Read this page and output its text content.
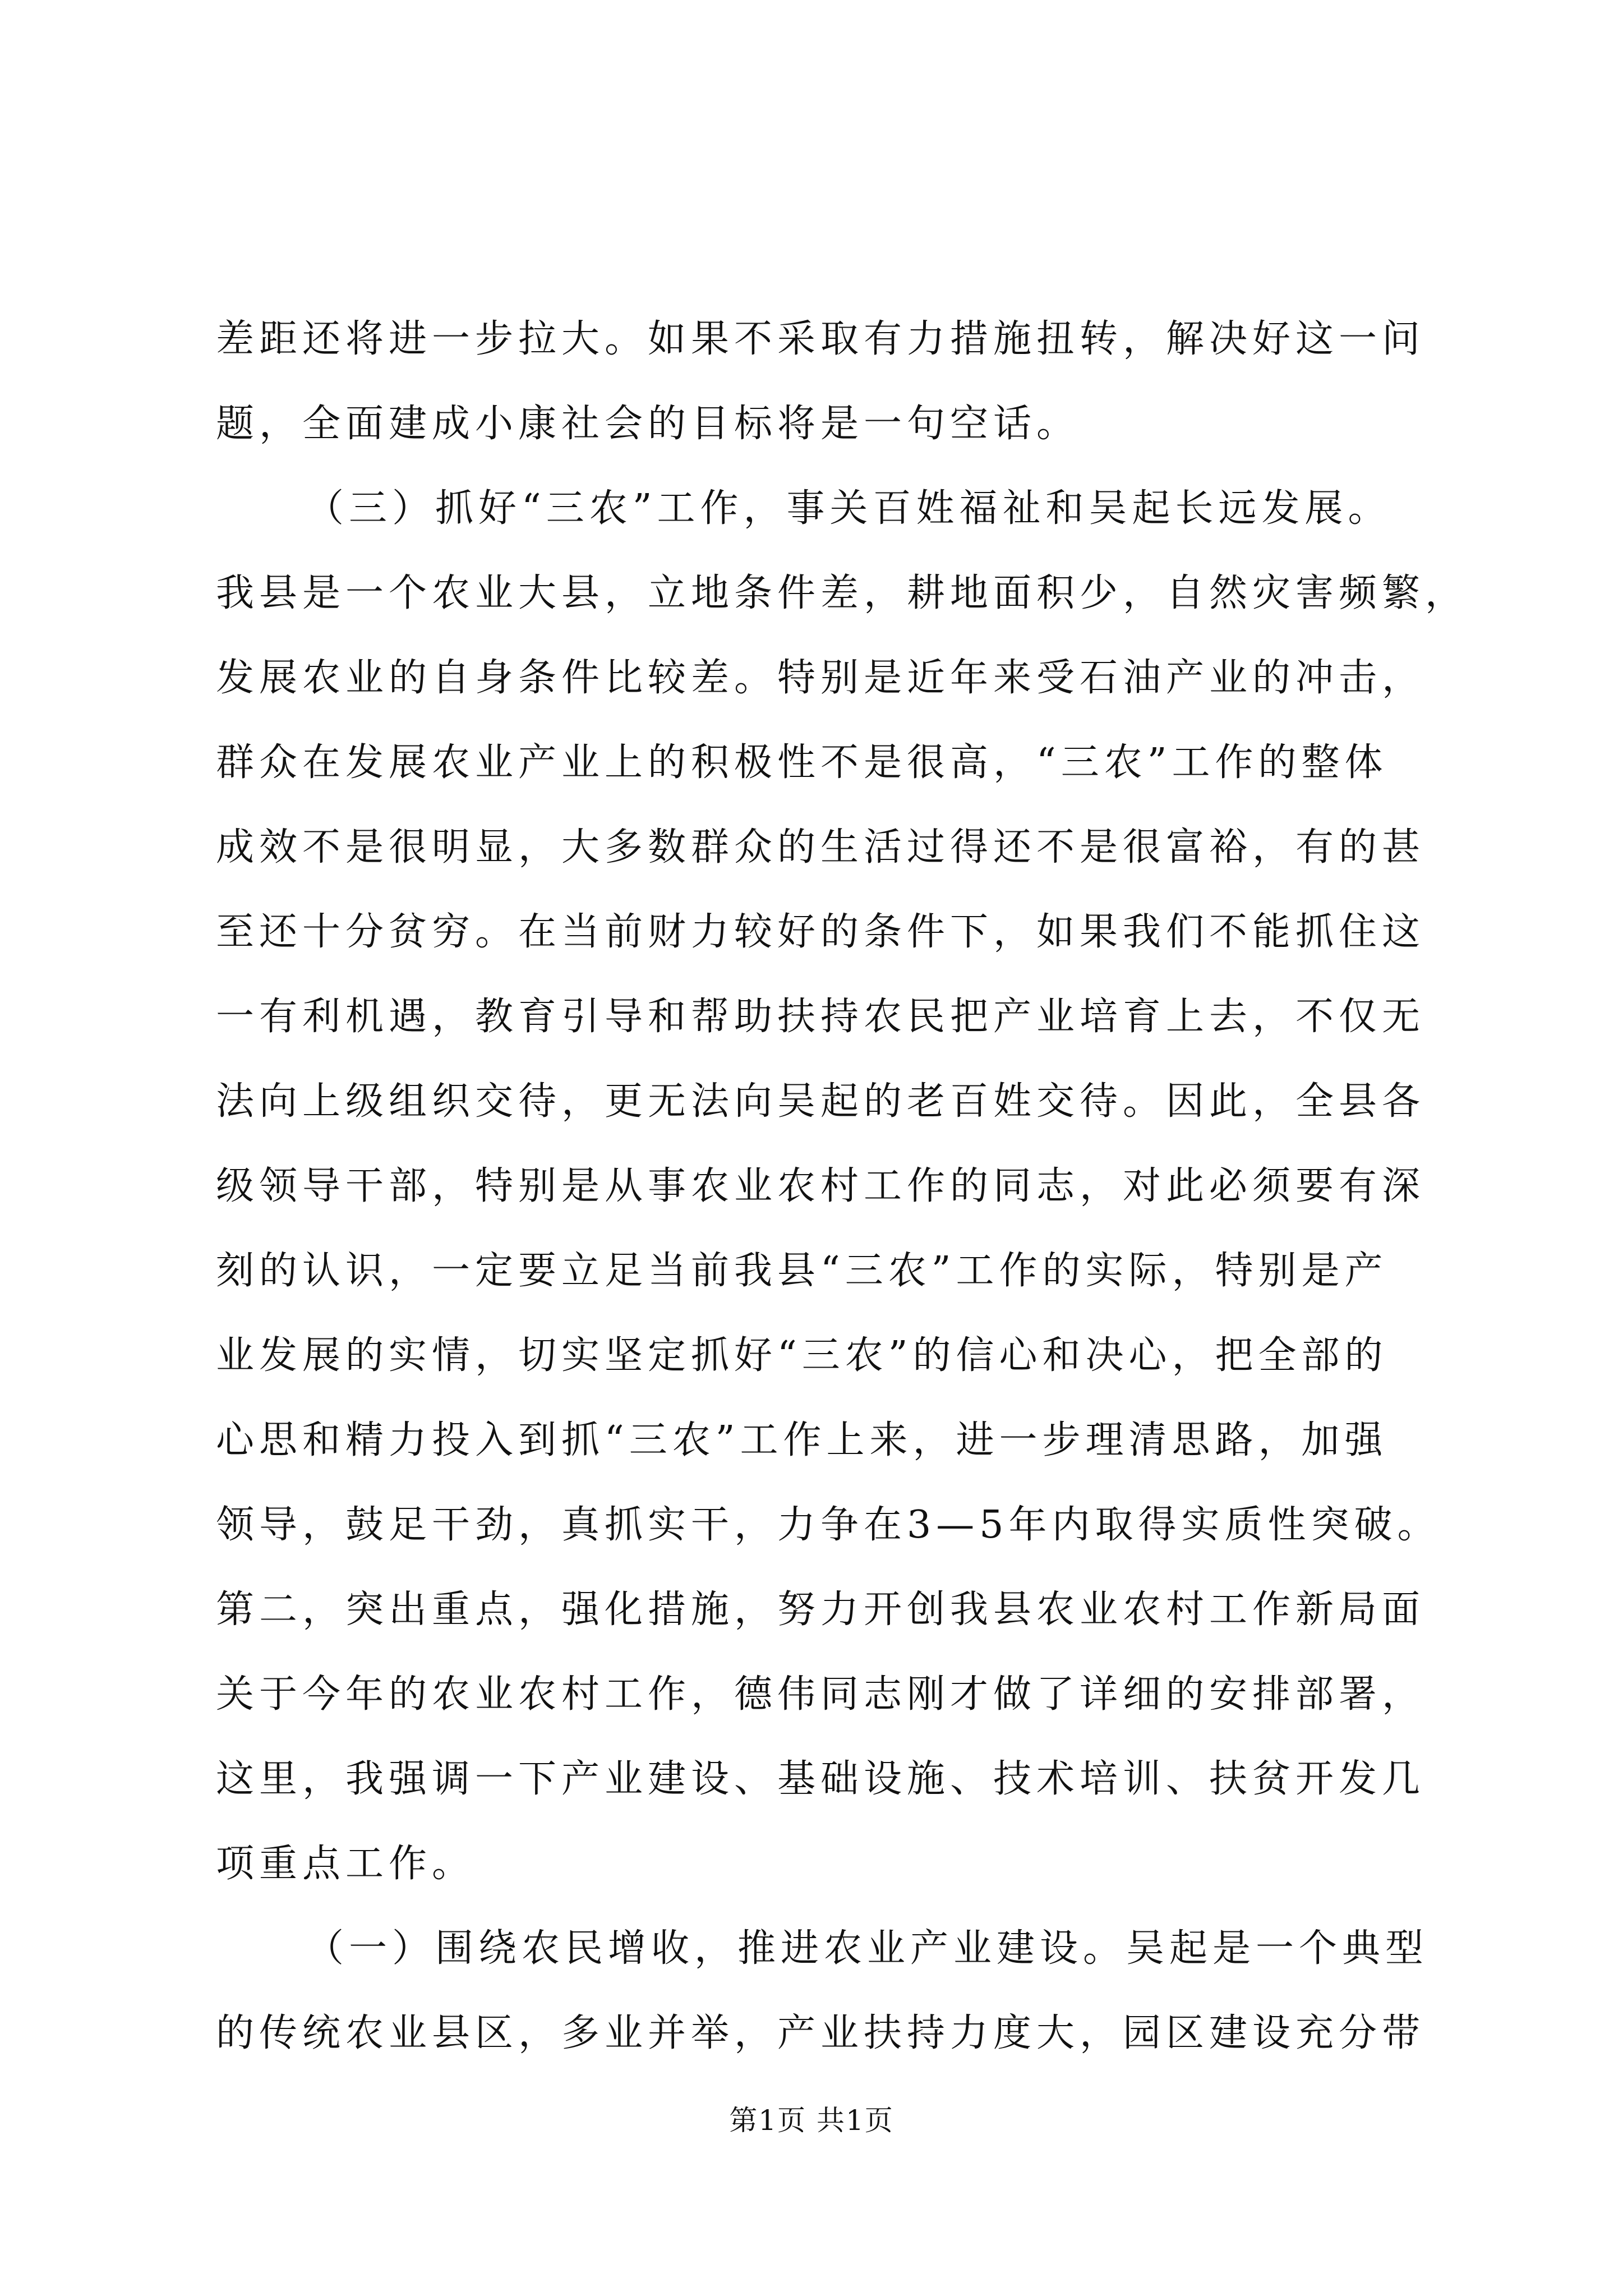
差距还将进一步拉大。如果不采取有力措施扭转，解决好这一问
题，全面建成小康社会的目标将是一句空话。
（三）抓好“三农”工作，事关百姓福祉和吴起长远发展。
我县是一个农业大县，立地条件差，耕地面积少，自然灾害频繁，
发展农业的自身条件比较差。特别是近年来受石油产业的冲击，
群众在发展农业产业上的积极性不是很高，“三农”工作的整体
成效不是很明显，大多数群众的生活过得还不是很富裕，有的甚
至还十分贫穷。在当前财力较好的条件下，如果我们不能抓住这
一有利机遇，教育引导和帮助扶持农民把产业培育上去，不仅无
法向上级组织交待，更无法向吴起的老百姓交待。因此，全县各
级领导干部，特别是从事农业农村工作的同志，对此必须要有深
刻的认识，一定要立足当前我县“三农”工作的实际，特别是产
业发展的实情，切实坚定抓好“三农”的信心和决心，把全部的
心思和精力投入到抓“三农”工作上来，进一步理清思路，加强
领导，鼓足干劲，真抓实干，力争在3—5年内取得实质性突破。
第二，突出重点，强化措施，努力开创我县农业农村工作新局面
关于今年的农业农村工作，德伟同志刚才做了详细的安排部署，
这里，我强调一下产业建设、基础设施、技术培训、扶贫开发几
项重点工作。
（一）围绕农民增收，推进农业产业建设。吴起是一个典型
的传统农业县区，多业并举，产业扶持力度大，园区建设充分带
第1页 共1页
